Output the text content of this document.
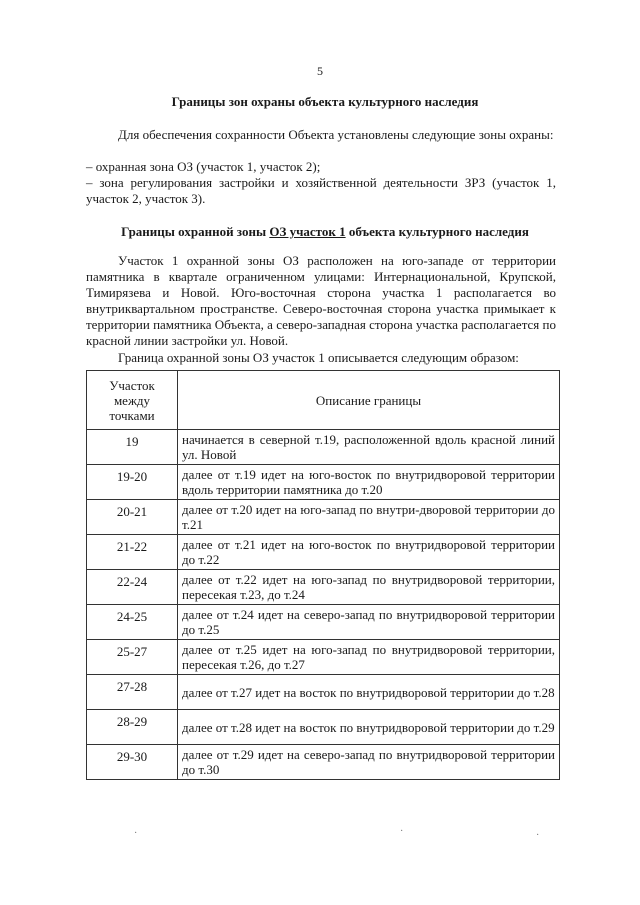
5
Границы зон охраны объекта культурного наследия
Для обеспечения сохранности Объекта установлены следующие зоны охраны:
– охранная зона ОЗ (участок 1, участок 2);
– зона регулирования застройки и хозяйственной деятельности ЗРЗ (участок 1, участок 2, участок 3).
Границы охранной зоны ОЗ участок 1 объекта культурного наследия
Участок 1 охранной зоны ОЗ расположен на юго-западе от территории памятника в квартале ограниченном улицами: Интернациональной, Крупской, Тимирязева и Новой. Юго-восточная сторона участка 1 располагается во внутриквартальном пространстве. Северо-восточная сторона участка примыкает к территории памятника Объекта, а северо-западная сторона участка располагается по красной линии застройки ул. Новой.
Граница охранной зоны ОЗ участок 1 описывается следующим образом:
Участок между точками	Описание границы
19	начинается в северной т.19, расположенной вдоль красной линий ул. Новой
19-20	далее от т.19 идет на юго-восток по внутридворовой территории вдоль территории памятника до т.20
20-21	далее от т.20 идет на юго-запад по внутри-дворовой территории до т.21
21-22	далее от т.21 идет на юго-восток по внутридворовой территории до т.22
22-24	далее от т.22 идет на юго-запад по внутридворовой территории, пересекая т.23, до т.24
24-25	далее от т.24 идет на северо-запад по внутридворовой территории до т.25
25-27	далее от т.25 идет на юго-запад по внутридворовой территории, пересекая т.26, до т.27
27-28	далее от т.27 идет на восток по внутридворовой территории до т.28
28-29	далее от т.28 идет на восток по внутридворовой территории до т.29
29-30	далее от т.29 идет на северо-запад по внутридворовой территории до т.30
·	·	·
